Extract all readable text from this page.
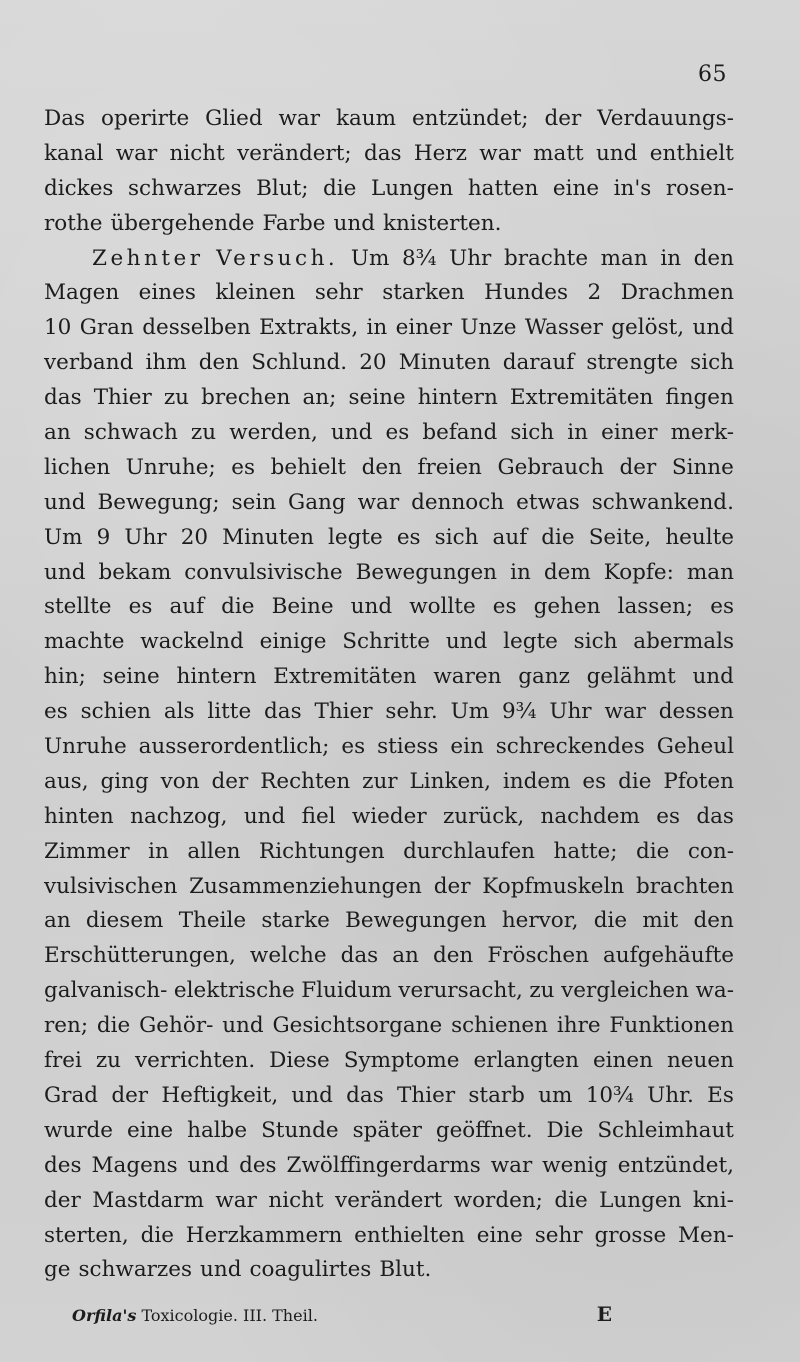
65
Das operirte Glied war kaum entzündet; der Verdauungs-
kanal war nicht verändert; das Herz war matt und enthielt
dickes schwarzes Blut; die Lungen hatten eine in's rosen-
rothe übergehende Farbe und knisterten.
Zehnter Versuch. Um 8¾ Uhr brachte man in den
Magen eines kleinen sehr starken Hundes 2 Drachmen
10 Gran desselben Extrakts, in einer Unze Wasser gelöst, und
verband ihm den Schlund. 20 Minuten darauf strengte sich
das Thier zu brechen an; seine hintern Extremitäten fingen
an schwach zu werden, und es befand sich in einer merk-
lichen Unruhe; es behielt den freien Gebrauch der Sinne
und Bewegung; sein Gang war dennoch etwas schwankend.
Um 9 Uhr 20 Minuten legte es sich auf die Seite, heulte
und bekam convulsivische Bewegungen in dem Kopfe: man
stellte es auf die Beine und wollte es gehen lassen; es
machte wackelnd einige Schritte und legte sich abermals
hin; seine hintern Extremitäten waren ganz gelähmt und
es schien als litte das Thier sehr. Um 9¾ Uhr war dessen
Unruhe ausserordentlich; es stiess ein schreckendes Geheul
aus, ging von der Rechten zur Linken, indem es die Pfoten
hinten nachzog, und fiel wieder zurück, nachdem es das
Zimmer in allen Richtungen durchlaufen hatte; die con-
vulsivischen Zusammenziehungen der Kopfmuskeln brachten
an diesem Theile starke Bewegungen hervor, die mit den
Erschütterungen, welche das an den Fröschen aufgehäufte
galvanisch- elektrische Fluidum verursacht, zu vergleichen wa-
ren; die Gehör- und Gesichtsorgane schienen ihre Funktionen
frei zu verrichten. Diese Symptome erlangten einen neuen
Grad der Heftigkeit, und das Thier starb um 10¾ Uhr. Es
wurde eine halbe Stunde später geöffnet. Die Schleimhaut
des Magens und des Zwölffingerdarms war wenig entzündet,
der Mastdarm war nicht verändert worden; die Lungen kni-
sterten, die Herzkammern enthielten eine sehr grosse Men-
ge schwarzes und coagulirtes Blut.
Orfila's Toxicologie. III. Theil.	E
